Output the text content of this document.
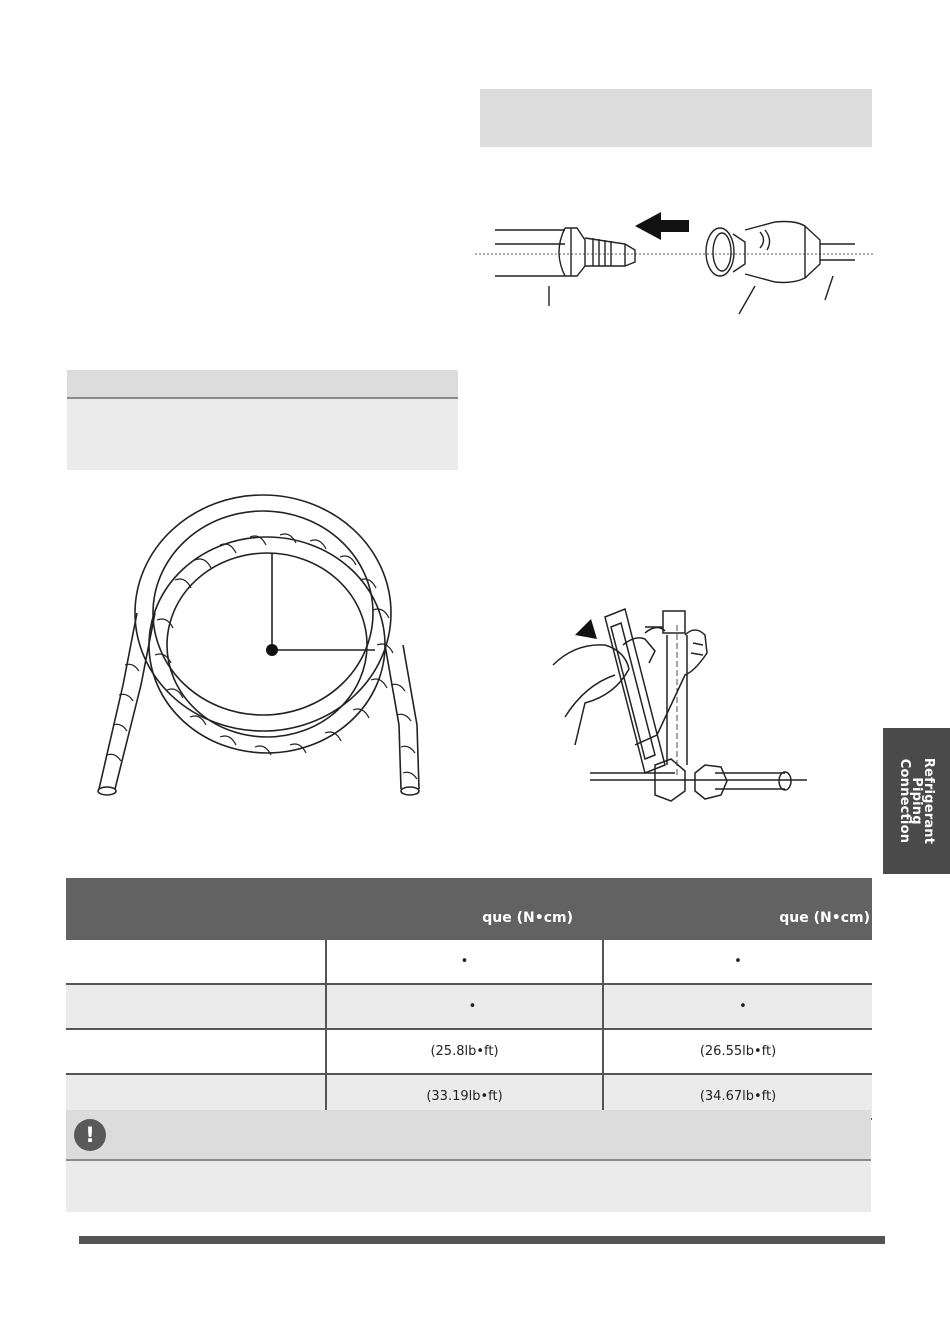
Refrigerant
Piping
Connection
	que (N•cm)	que (N•cm)
	•	•
	•	•
	(25.8lb•ft)	(26.55lb•ft)
	(33.19lb•ft)	(34.67lb•ft)
!
